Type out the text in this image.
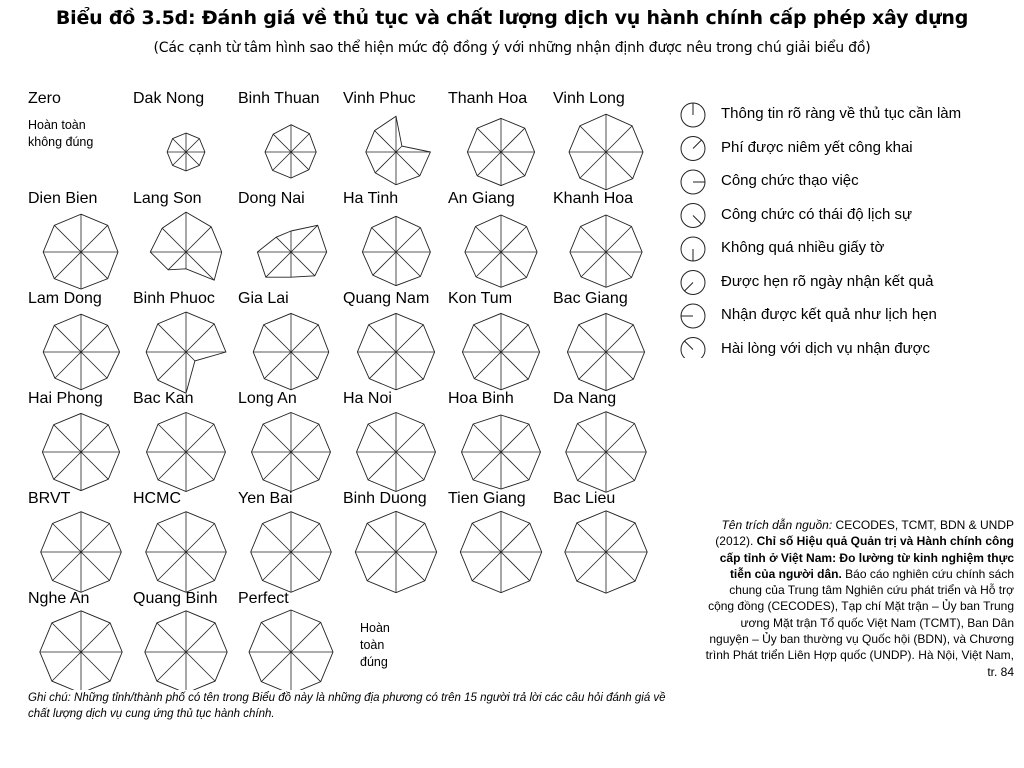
Biểu đồ 3.5d: Đánh giá về thủ tục và chất lượng dịch vụ hành chính cấp phép xây dựng
(Các cạnh từ tâm hình sao thể hiện mức độ đồng ý với những nhận định được nêu trong chú giải biểu đồ)
Zero	Dak Nong Binh Thuan Vinh Phuc Thanh Hoa Vinh Long
Dien Bien Lang Son Dong Nai Ha Tinh	An Giang Khanh Hoa
Lam Dong Binh Phuoc Gia Lai	Quang Nam Kon Tum	Bac Giang
Hai Phong Bac Kan	Long An	Ha Noi	Hoa Binh Da Nang
BRVT	HCMC	Yen Bai	Binh Duong Tien Giang Bac Lieu
Nghe An	Quang Binh Perfect
Hoàn toàn không đúng
Hoàn toàn đúng
Thông tin rõ ràng về thủ tục cần làm
Phí được niêm yết công khai
Công chức thạo việc
Công chức có thái độ lịch sự
Không quá nhiều giấy tờ
Được hẹn rõ ngày nhận kết quả
Nhận được kết quả như lịch hẹn
Hài lòng với dịch vụ nhận được
Tên trích dẫn nguồn: CECODES, TCMT, BDN & UNDP (2012). Chỉ số Hiệu quả Quản trị và Hành chính công cấp tỉnh ở Việt Nam: Đo lường từ kinh nghiệm thực tiễn của người dân. Báo cáo nghiên cứu chính sách chung của Trung tâm Nghiên cứu phát triển và Hỗ trợ cộng đồng (CECODES), Tạp chí Mặt trận – Ủy ban Trung ương Mặt trận Tổ quốc Việt Nam (TCMT), Ban Dân nguyện – Ủy ban thường vụ Quốc hội (BDN), và Chương trình Phát triển Liên Hợp quốc (UNDP). Hà Nội, Việt Nam, tr. 84
Ghi chú: Những tỉnh/thành phố có tên trong Biểu đồ này là những địa phương có trên 15 người trả lời các câu hỏi đánh giá về chất lượng dịch vụ cung ứng thủ tục hành chính.
